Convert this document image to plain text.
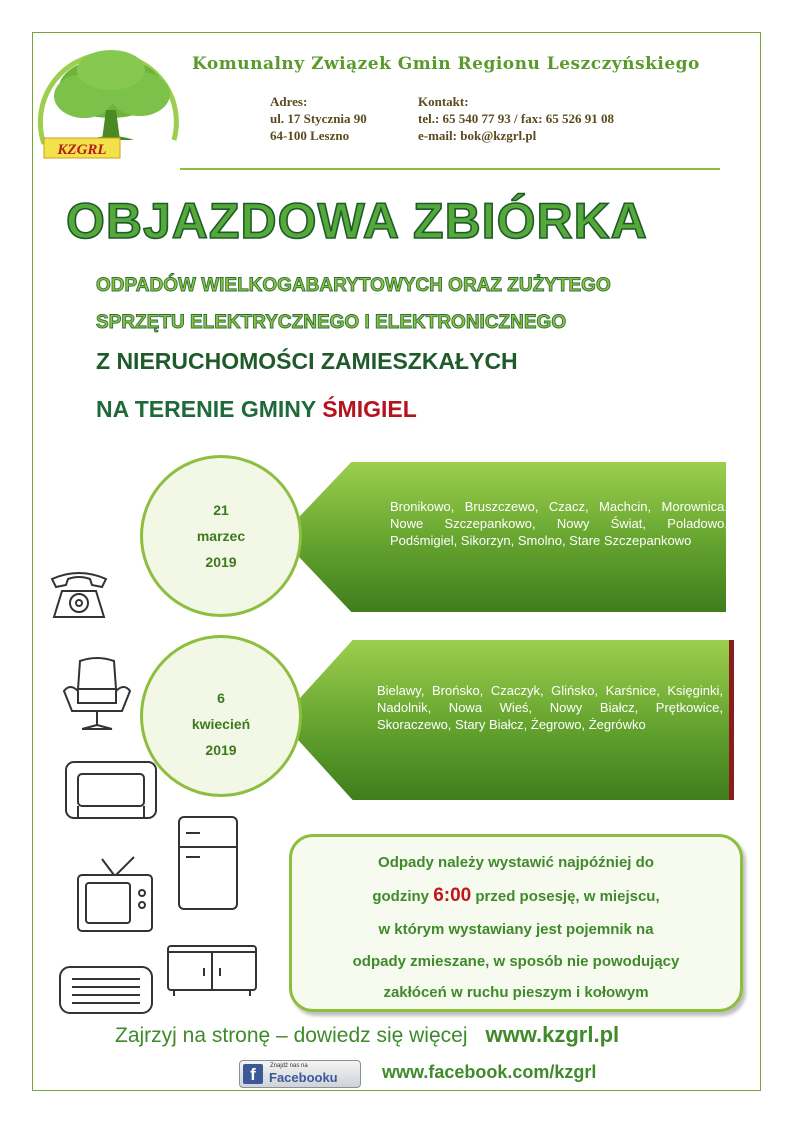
KZGRL
Komunalny Związek Gmin Regionu Leszczyńskiego
Adres:
ul. 17 Stycznia 90
64-100 Leszno
Kontakt:
tel.: 65 540 77 93 / fax: 65 526 91 08
e-mail: bok@kzgrl.pl
OBJAZDOWA ZBIÓRKA
ODPADÓW WIELKOGABARYTOWYCH ORAZ ZUŻYTEGO
SPRZĘTU ELEKTRYCZNEGO I ELEKTRONICZNEGO
Z NIERUCHOMOŚCI ZAMIESZKAŁYCH
NA TERENIE GMINY ŚMIGIEL
21
marzec
2019
Bronikowo, Bruszczewo, Czacz, Machcin, Morownica, Nowe Szczepankowo, Nowy Świat, Poladowo, Podśmigiel, Sikorzyn, Smolno, Stare Szczepankowo
6
kwiecień
2019
Bielawy, Brońsko, Czaczyk, Glińsko, Karśnice, Księginki, Nadolnik, Nowa Wieś, Nowy Białcz, Prętkowice, Skoraczewo, Stary Białcz, Żegrowo, Żegrówko
Odpady należy wystawić najpóźniej do
godziny 6:00 przed posesję, w miejscu,
w którym wystawiany jest pojemnik na
odpady zmieszane, w sposób nie powodujący
zakłóceń w ruchu pieszym i kołowym
Zajrzyj na stronę – dowiedz się więcej www.kzgrl.pl
f	Znajdź nas na
Facebooku www.facebook.com/kzgrl
